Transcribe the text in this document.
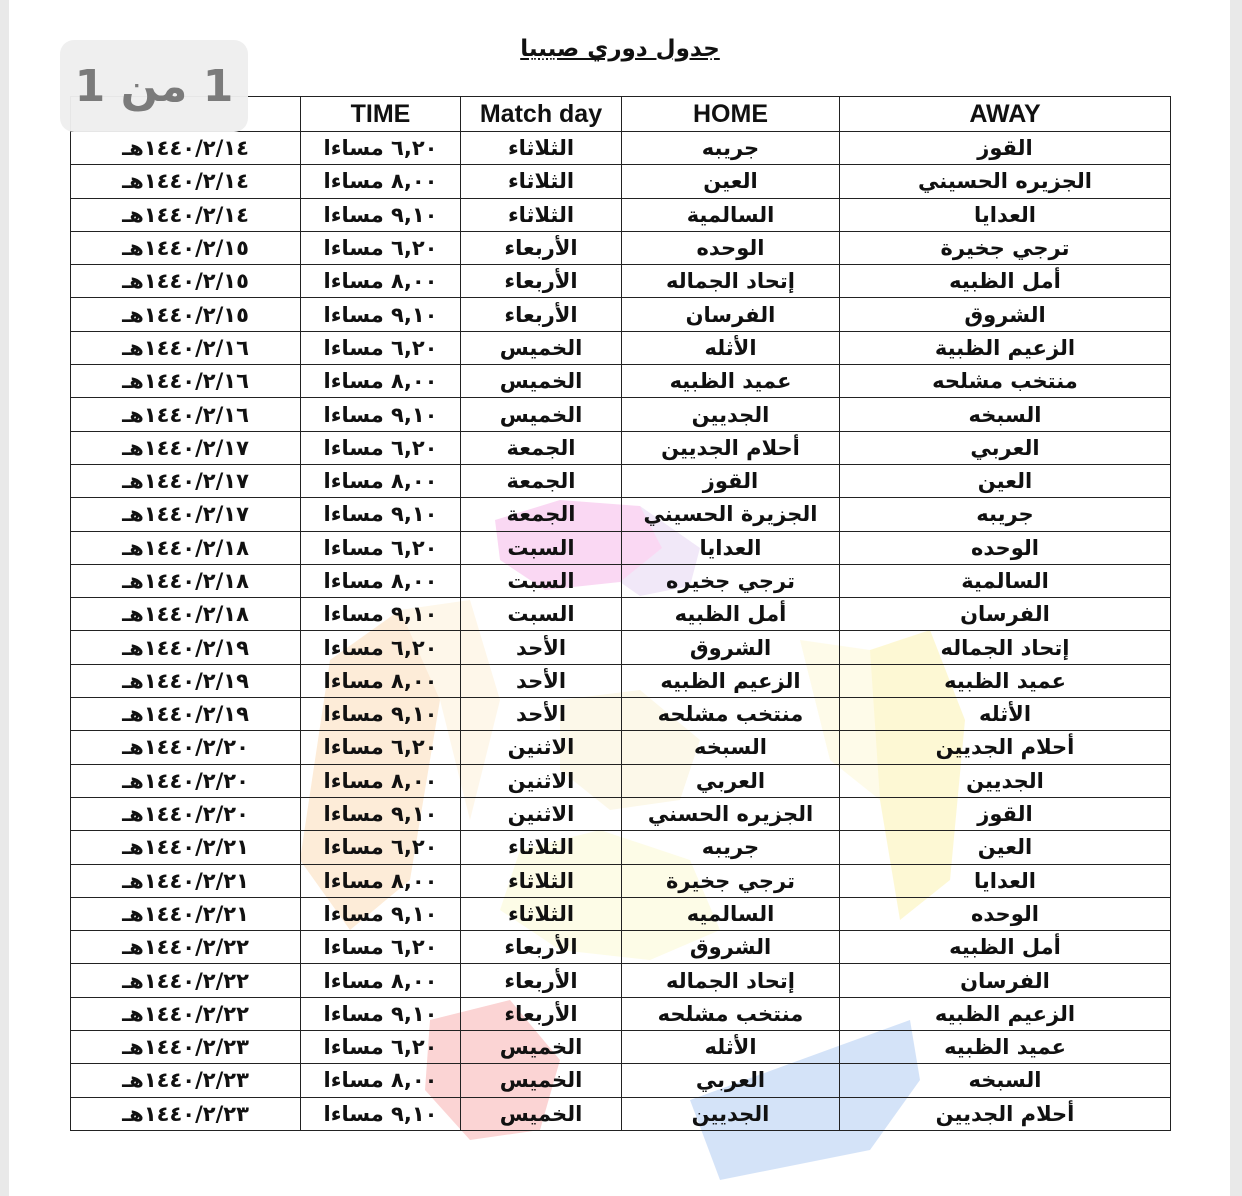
جدول دوري صيبيا
1 من 1
	TIME	Match day	HOME	AWAY
١٤٤٠/٢/١٤هـ	٦,٢٠ مساءا	الثلاثاء	جريبه	القوز
١٤٤٠/٢/١٤هـ	٨,٠٠ مساءا	الثلاثاء	العين	الجزيره الحسيني
١٤٤٠/٢/١٤هـ	٩,١٠ مساءا	الثلاثاء	السالمية	العدايا
١٤٤٠/٢/١٥هـ	٦,٢٠ مساءا	الأربعاء	الوحده	ترجي جخيرة
١٤٤٠/٢/١٥هـ	٨,٠٠ مساءا	الأربعاء	إتحاد الجماله	أمل الظبيه
١٤٤٠/٢/١٥هـ	٩,١٠ مساءا	الأربعاء	الفرسان	الشروق
١٤٤٠/٢/١٦هـ	٦,٢٠ مساءا	الخميس	الأثله	الزعيم الظبية
١٤٤٠/٢/١٦هـ	٨,٠٠ مساءا	الخميس	عميد الظبيه	منتخب مشلحه
١٤٤٠/٢/١٦هـ	٩,١٠ مساءا	الخميس	الجديين	السبخه
١٤٤٠/٢/١٧هـ	٦,٢٠ مساءا	الجمعة	أحلام الجديين	العربي
١٤٤٠/٢/١٧هـ	٨,٠٠ مساءا	الجمعة	القوز	العين
١٤٤٠/٢/١٧هـ	٩,١٠ مساءا	الجمعة	الجزيرة الحسيني	جريبه
١٤٤٠/٢/١٨هـ	٦,٢٠ مساءا	السبت	العدايا	الوحده
١٤٤٠/٢/١٨هـ	٨,٠٠ مساءا	السبت	ترجي جخيره	السالمية
١٤٤٠/٢/١٨هـ	٩,١٠ مساءا	السبت	أمل الظبيه	الفرسان
١٤٤٠/٢/١٩هـ	٦,٢٠ مساءا	الأحد	الشروق	إتحاد الجماله
١٤٤٠/٢/١٩هـ	٨,٠٠ مساءا	الأحد	الزعيم الظبيه	عميد الظبيه
١٤٤٠/٢/١٩هـ	٩,١٠ مساءا	الأحد	منتخب مشلحه	الأثله
١٤٤٠/٢/٢٠هـ	٦,٢٠ مساءا	الاثنين	السبخه	أحلام الجديين
١٤٤٠/٢/٢٠هـ	٨,٠٠ مساءا	الاثنين	العربي	الجديين
١٤٤٠/٢/٢٠هـ	٩,١٠ مساءا	الاثنين	الجزيره الحسني	القوز
١٤٤٠/٢/٢١هـ	٦,٢٠ مساءا	الثلاثاء	جريبه	العين
١٤٤٠/٢/٢١هـ	٨,٠٠ مساءا	الثلاثاء	ترجي جخيرة	العدايا
١٤٤٠/٢/٢١هـ	٩,١٠ مساءا	الثلاثاء	السالميه	الوحده
١٤٤٠/٢/٢٢هـ	٦,٢٠ مساءا	الأربعاء	الشروق	أمل الظبيه
١٤٤٠/٢/٢٢هـ	٨,٠٠ مساءا	الأربعاء	إتحاد الجماله	الفرسان
١٤٤٠/٢/٢٢هـ	٩,١٠ مساءا	الأربعاء	منتخب مشلحه	الزعيم الظبيه
١٤٤٠/٢/٢٣هـ	٦,٢٠ مساءا	الخميس	الأثله	عميد الظبيه
١٤٤٠/٢/٢٣هـ	٨,٠٠ مساءا	الخميس	العربي	السبخه
١٤٤٠/٢/٢٣هـ	٩,١٠ مساءا	الخميس	الجديين	أحلام الجديين
